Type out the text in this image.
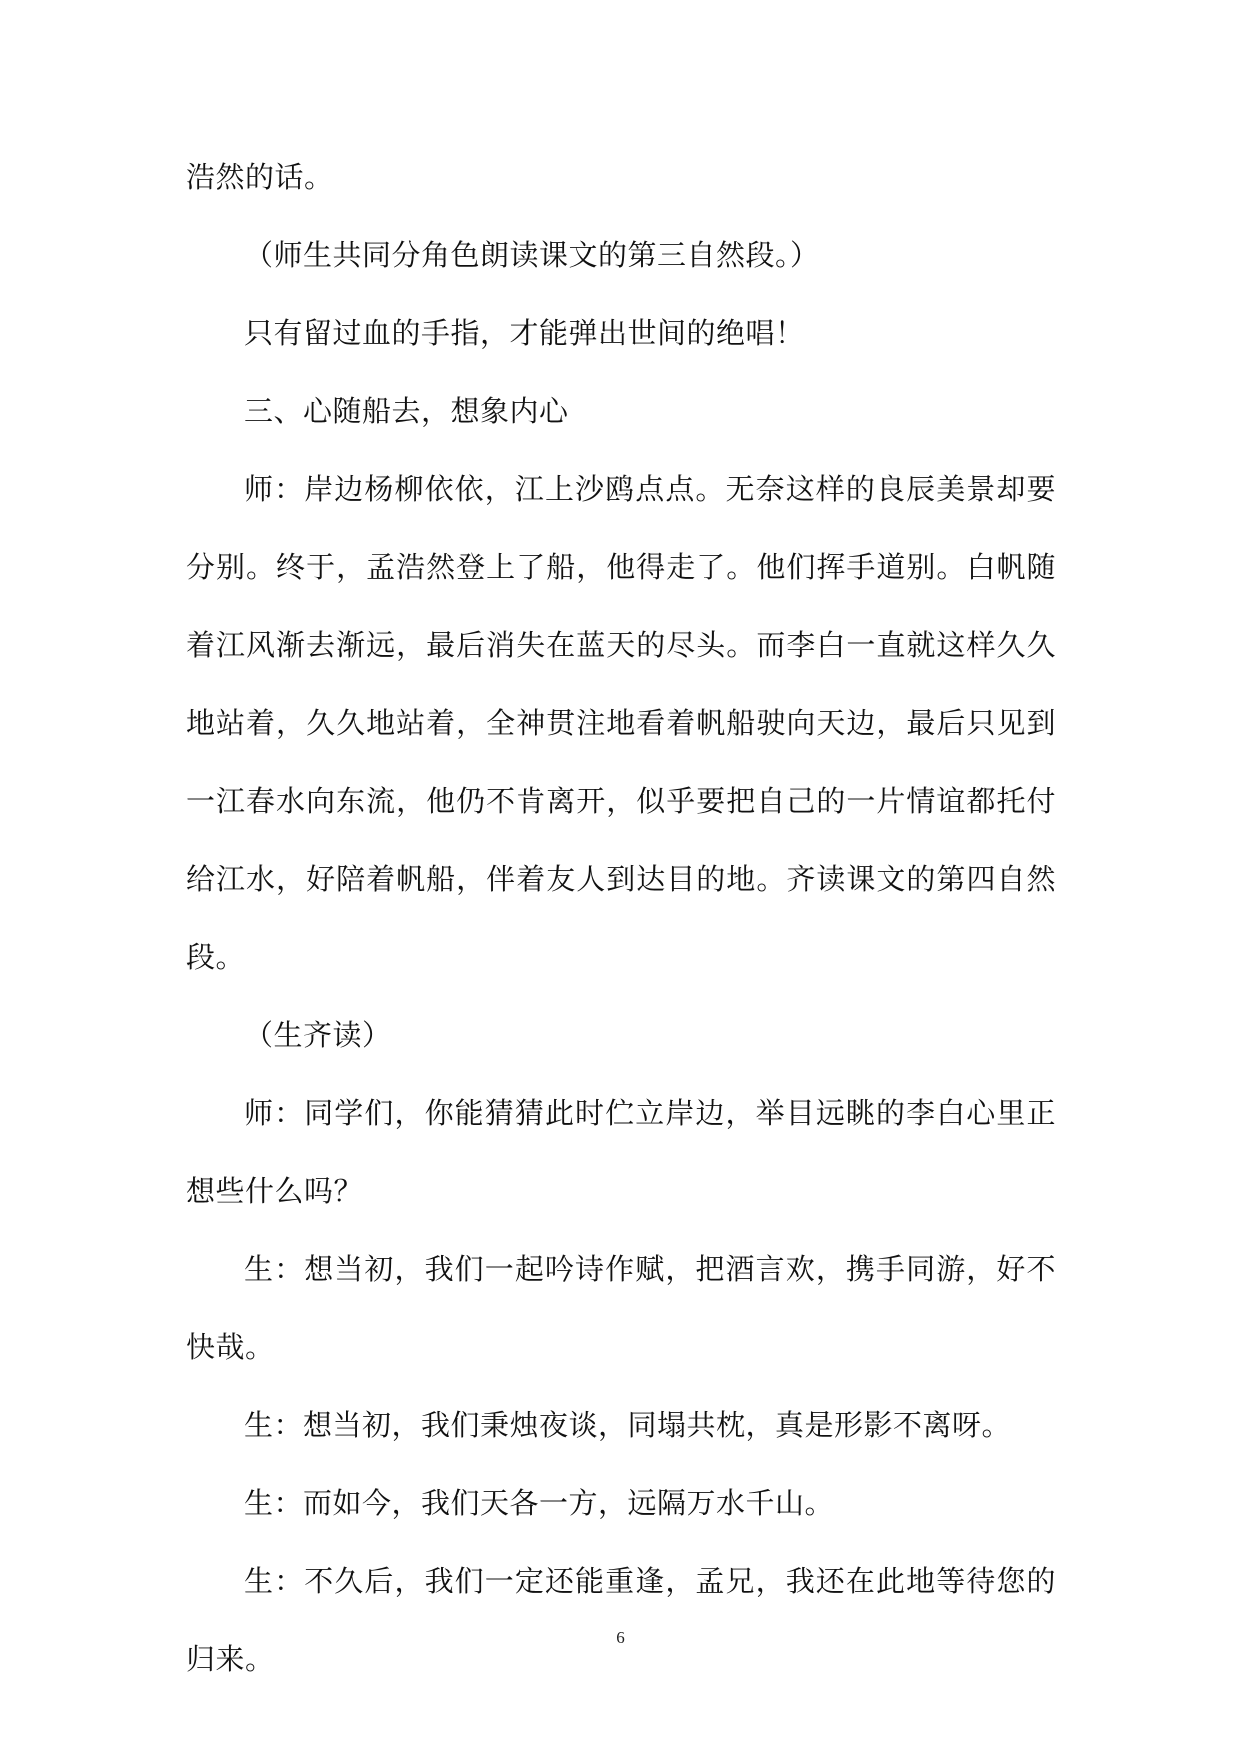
浩然的话。

（师生共同分角色朗读课文的第三自然段。）

只有留过血的手指，才能弹出世间的绝唱！

三、心随船去，想象内心

师：岸边杨柳依依，江上沙鸥点点。无奈这样的良辰美景却要分别。终于，孟浩然登上了船，他得走了。他们挥手道别。白帆随着江风渐去渐远，最后消失在蓝天的尽头。而李白一直就这样久久地站着，久久地站着，全神贯注地看着帆船驶向天边，最后只见到一江春水向东流，他仍不肯离开，似乎要把自己的一片情谊都托付给江水，好陪着帆船，伴着友人到达目的地。齐读课文的第四自然段。

（生齐读）

师：同学们，你能猜猜此时伫立岸边，举目远眺的李白心里正想些什么吗？

生：想当初，我们一起吟诗作赋，把酒言欢，携手同游，好不快哉。

生：想当初，我们秉烛夜谈，同塌共枕，真是形影不离呀。

生：而如今，我们天各一方，远隔万水千山。

生：不久后，我们一定还能重逢，孟兄，我还在此地等待您的归来。

6
